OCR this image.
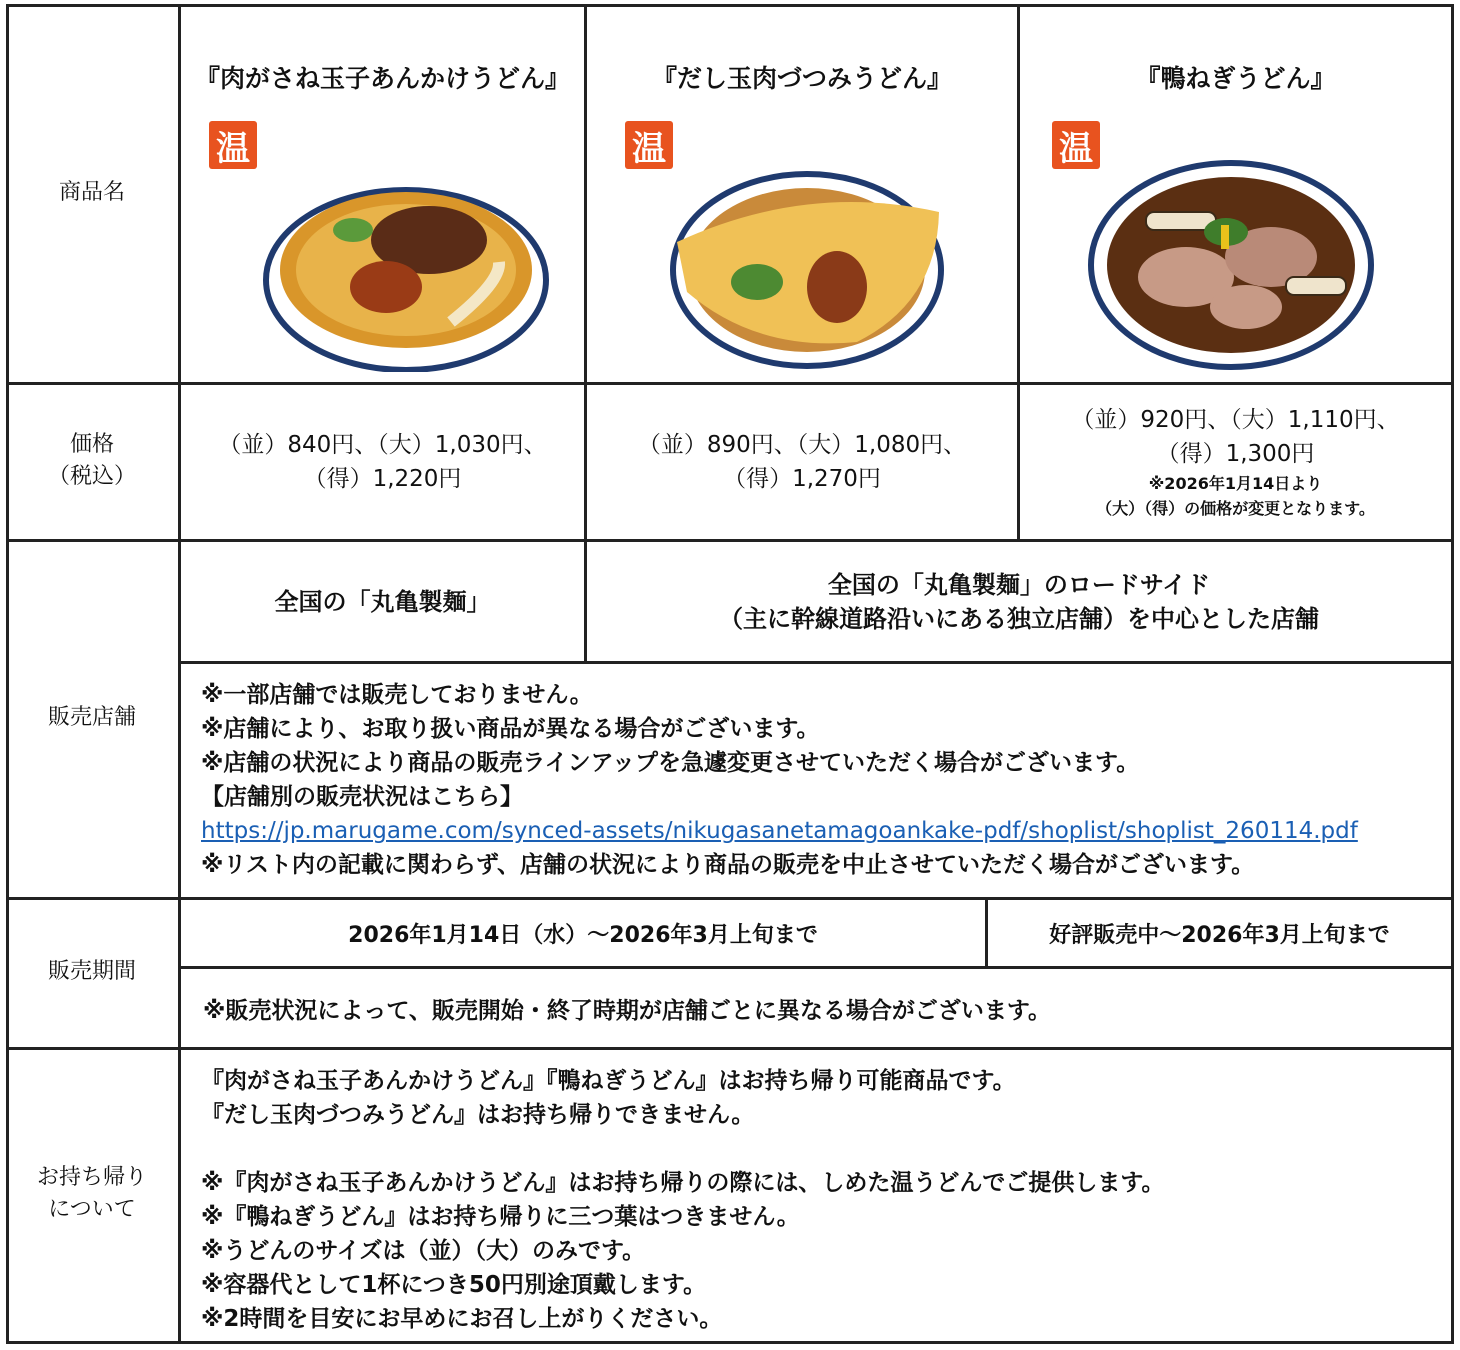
商品名
価格
（税込）
販売店舗
販売期間
お持ち帰り
について
『肉がさね玉子あんかけうどん』
温
『だし玉肉づつみうどん』
温
『鴨ねぎうどん』
温
（並）840円、（大）1,030円、
（得）1,220円
（並）890円、（大）1,080円、
（得）1,270円
（並）920円、（大）1,110円、
（得）1,300円
※2026年1月14日より
（大）（得）の価格が変更となります。
全国の「丸亀製麺」
全国の「丸亀製麺」のロードサイド
（主に幹線道路沿いにある独立店舗）を中心とした店舗
※一部店舗では販売しておりません。
※店舗により、お取り扱い商品が異なる場合がございます。
※店舗の状況により商品の販売ラインアップを急遽変更させていただく場合がございます。
【店舗別の販売状況はこちら】
https://jp.marugame.com/synced-assets/nikugasanetamagoankake-pdf/shoplist/shoplist_260114.pdf
※リスト内の記載に関わらず、店舗の状況により商品の販売を中止させていただく場合がございます。
2026年1月14日（水）～2026年3月上旬まで	好評販売中～2026年3月上旬まで
※販売状況によって、販売開始・終了時期が店舗ごとに異なる場合がございます。
『肉がさね玉子あんかけうどん』『鴨ねぎうどん』はお持ち帰り可能商品です。
『だし玉肉づつみうどん』はお持ち帰りできません。
※『肉がさね玉子あんかけうどん』はお持ち帰りの際には、しめた温うどんでご提供します。
※『鴨ねぎうどん』はお持ち帰りに三つ葉はつきません。
※うどんのサイズは（並）（大）のみです。
※容器代として1杯につき50円別途頂戴します。
※2時間を目安にお早めにお召し上がりください。
